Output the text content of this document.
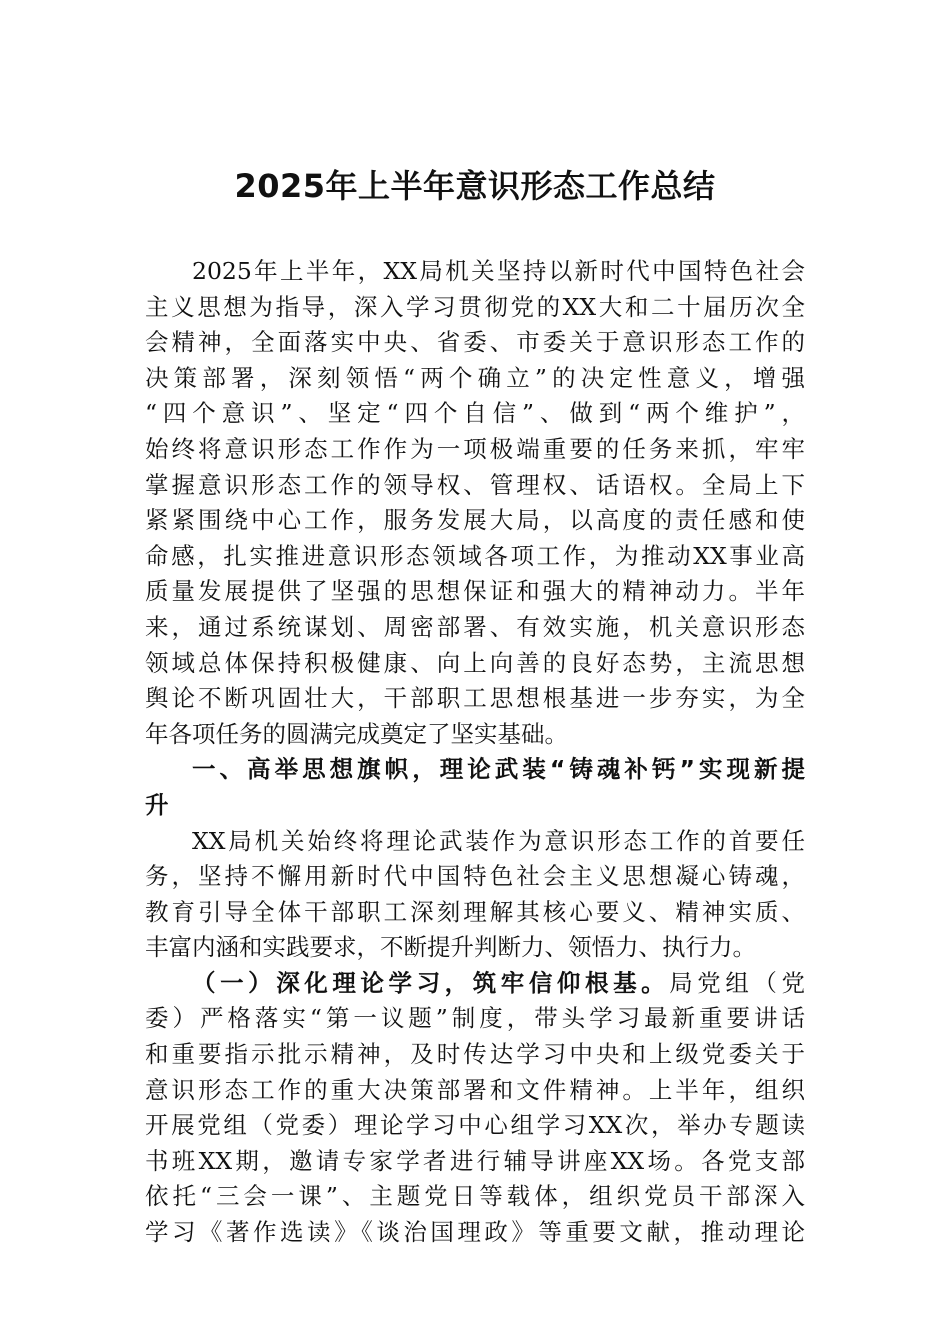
2025年上半年意识形态工作总结
2025年上半年，XX局机关坚持以新时代中国特色社会
主义思想为指导，深入学习贯彻党的XX大和二十届历次全
会精神，全面落实中央、省委、市委关于意识形态工作的
决策部署，深刻领悟“两个确立”的决定性意义，增强
“四个意识”、坚定“四个自信”、做到“两个维护”，
始终将意识形态工作作为一项极端重要的任务来抓，牢牢
掌握意识形态工作的领导权、管理权、话语权。全局上下
紧紧围绕中心工作，服务发展大局，以高度的责任感和使
命感，扎实推进意识形态领域各项工作，为推动XX事业高
质量发展提供了坚强的思想保证和强大的精神动力。半年
来，通过系统谋划、周密部署、有效实施，机关意识形态
领域总体保持积极健康、向上向善的良好态势，主流思想
舆论不断巩固壮大，干部职工思想根基进一步夯实，为全
年各项任务的圆满完成奠定了坚实基础。
一、高举思想旗帜，理论武装“铸魂补钙”实现新提
升
XX局机关始终将理论武装作为意识形态工作的首要任
务，坚持不懈用新时代中国特色社会主义思想凝心铸魂，
教育引导全体干部职工深刻理解其核心要义、精神实质、
丰富内涵和实践要求，不断提升判断力、领悟力、执行力。
（一）深化理论学习，筑牢信仰根基。局党组（党
委）严格落实“第一议题”制度，带头学习最新重要讲话
和重要指示批示精神，及时传达学习中央和上级党委关于
意识形态工作的重大决策部署和文件精神。上半年，组织
开展党组（党委）理论学习中心组学习XX次，举办专题读
书班XX期，邀请专家学者进行辅导讲座XX场。各党支部
依托“三会一课”、主题党日等载体，组织党员干部深入
学习《著作选读》《谈治国理政》等重要文献，推动理论
